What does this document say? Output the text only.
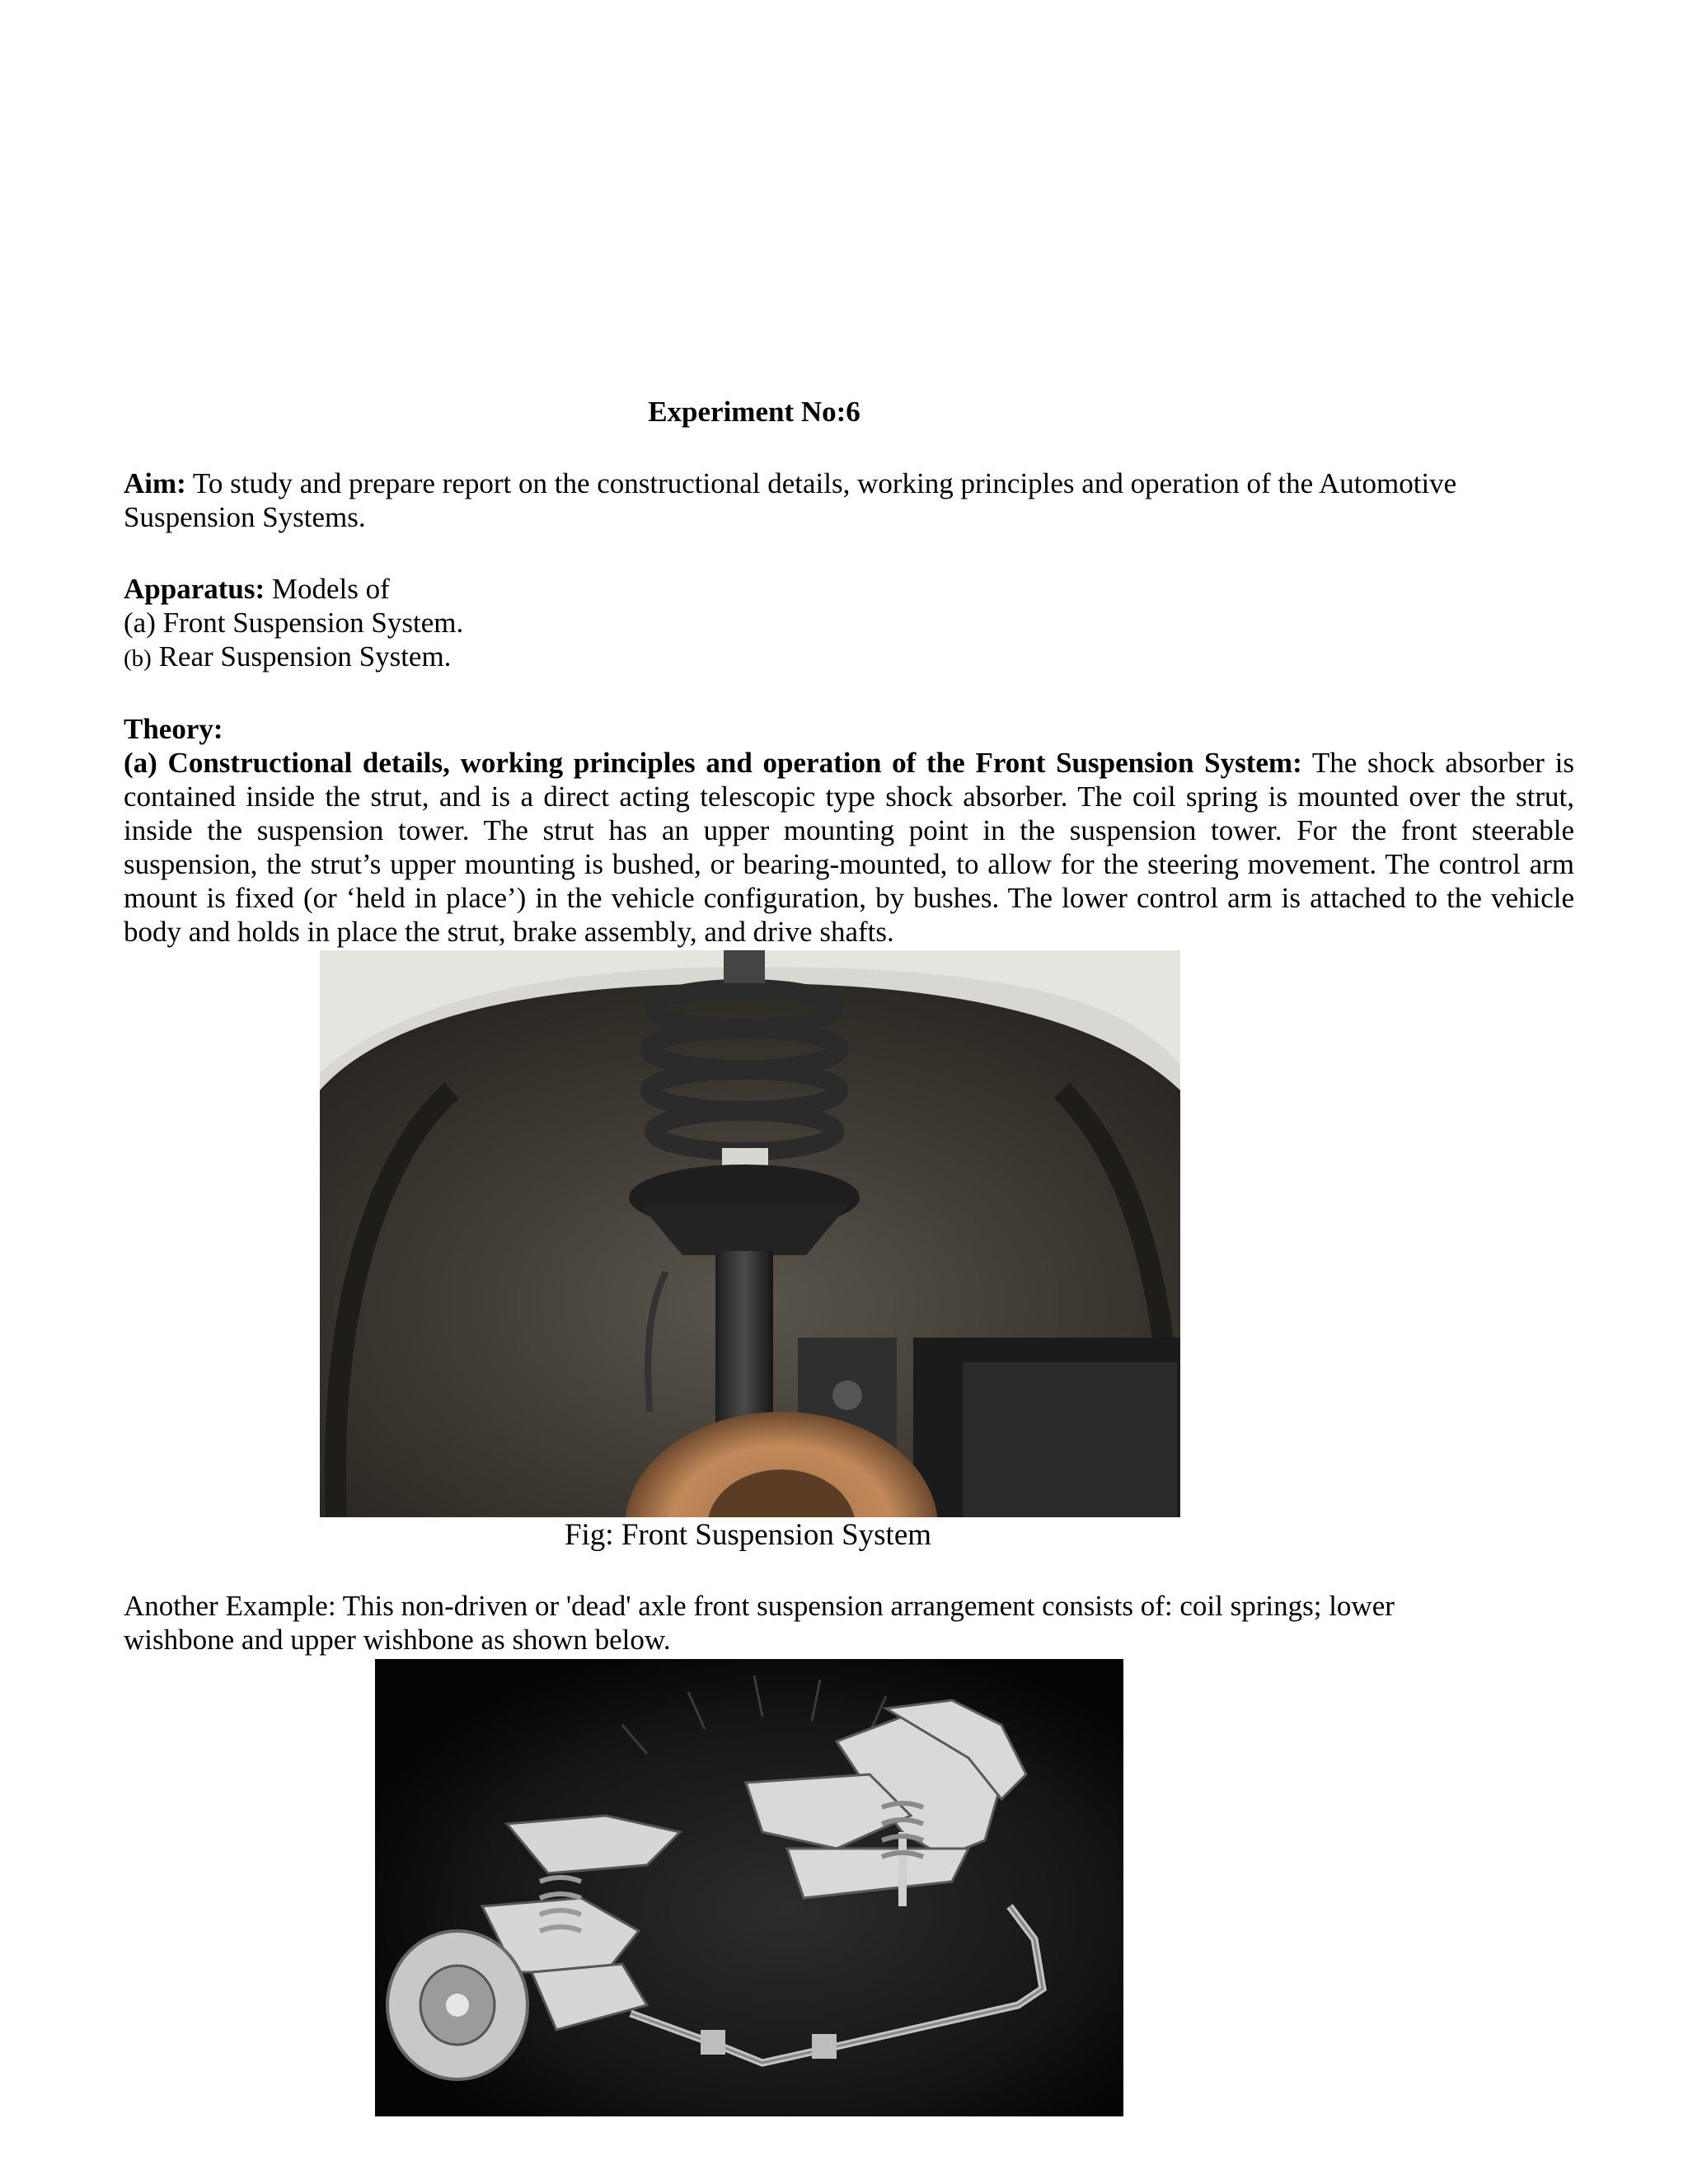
Experiment No:6
Aim: To study and prepare report on the constructional details, working principles and operation of the Automotive
Suspension Systems.
Apparatus: Models of
(a) Front Suspension System.
(b) Rear Suspension System.
Theory:
(a) Constructional details, working principles and operation of the Front Suspension System: The shock absorber is contained inside the strut, and is a direct acting telescopic type shock absorber. The coil spring is mounted over the strut, inside the suspension tower. The strut has an upper mounting point in the suspension tower. For the front steerable suspension, the strut’s upper mounting is bushed, or bearing-mounted, to allow for the steering movement. The control arm mount is fixed (or ‘held in place’) in the vehicle configuration, by bushes. The lower control arm is attached to the vehicle body and holds in place the strut, brake assembly, and drive shafts.
Fig: Front Suspension System
Another Example: This non-driven or 'dead' axle front suspension arrangement consists of: coil springs; lower
wishbone and upper wishbone as shown below.
